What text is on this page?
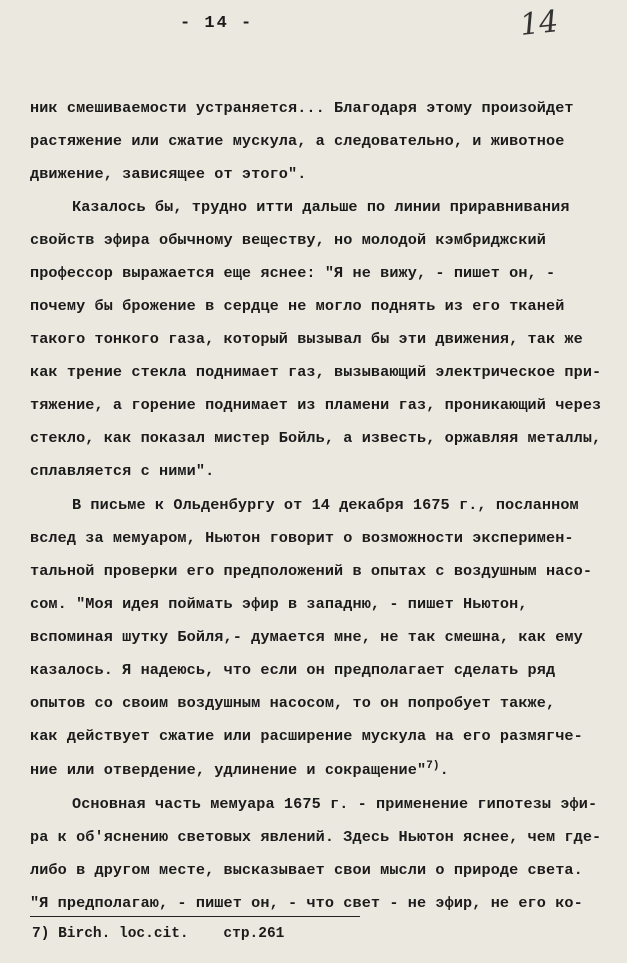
- 14 -	14
ник смешиваемости устраняется... Благодаря этому произойдет
растяжение или сжатие мускула, а следовательно, и животное
движение, зависящее от этого".
Казалось бы, трудно итти дальше по линии приравнивания
свойств эфира обычному веществу, но молодой кэмбриджский
профессор выражается еще яснее: "Я не вижу, - пишет он, -
почему бы брожение в сердце не могло поднять из его тканей
такого тонкого газа, который вызывал бы эти движения, так же
как трение стекла поднимает газ, вызывающий электрическое при-
тяжение, а горение поднимает из пламени газ, проникающий через
стекло, как показал мистер Бойль, a известь, оржавляя металлы,
сплавляется с ними".
В письме к Ольденбургу от 14 декабря 1675 г., посланном
вслед за мемуаром, Ньютон говорит о возможности эксперимен-
тальной проверки его предположений в опытах с воздушным насо-
сом. "Моя идея поймать эфир в западню, - пишет Ньютон,
вспоминая шутку Бойля,- думается мне, не так смешна, как ему
казалось. Я надеюсь, что если он предполагает сделать ряд
опытов со своим воздушным насосом, то он попробует также,
как действует сжатие или расширение мускула на его размягче-
ние или отвердение, удлинение и сокращение"$^{7)}$.
Основная часть мемуара 1675 г. - применение гипотезы эфи-
ра к об'яснению световых явлений. Здесь Ньютон яснее, чем где-
либо в другом месте, высказывает свои мысли о природе света.
"Я предполагаю, - пишет он, - что свет - не эфир, не его ко-
7) Birch. loc.cit.    стр.261
